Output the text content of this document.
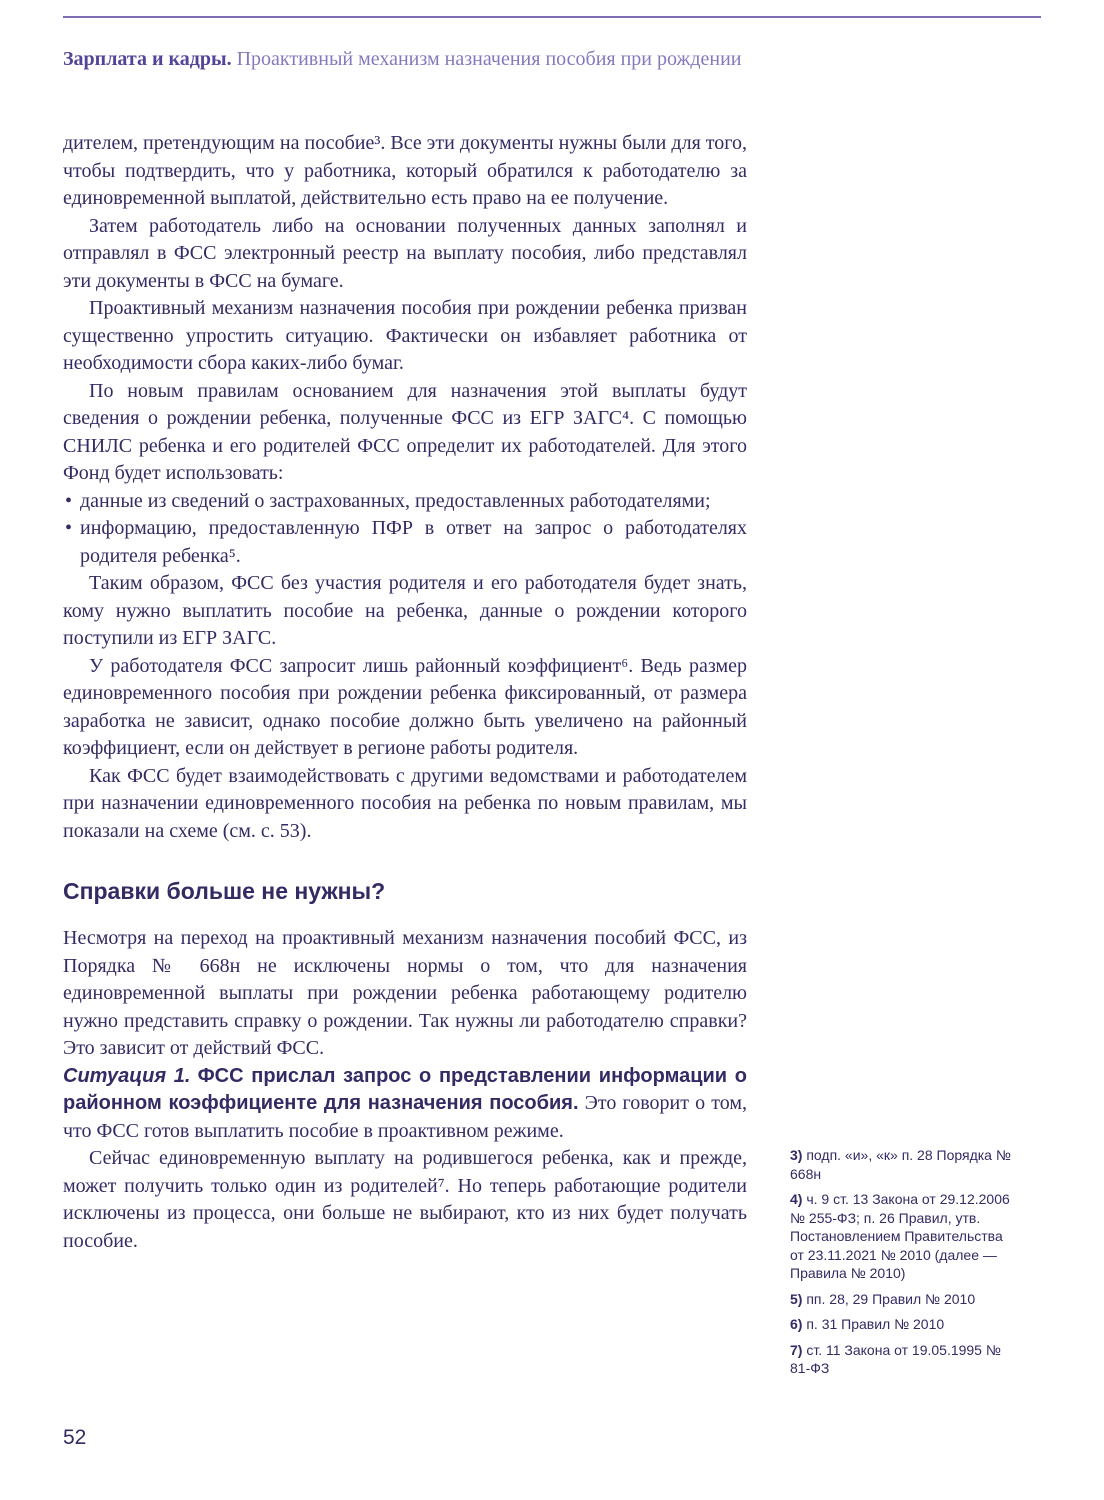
Зарплата и кадры. Проактивный механизм назначения пособия при рождении

дителем, претендующим на пособие³. Все эти документы нужны были для того, чтобы подтвердить, что у работника, который обратился к работодателю за единовременной выплатой, действительно есть право на ее получение.

Затем работодатель либо на основании полученных данных заполнял и отправлял в ФСС электронный реестр на выплату пособия, либо представлял эти документы в ФСС на бумаге.

Проактивный механизм назначения пособия при рождении ребенка призван существенно упростить ситуацию. Фактически он избавляет работника от необходимости сбора каких-либо бумаг.

По новым правилам основанием для назначения этой выплаты будут сведения о рождении ребенка, полученные ФСС из ЕГР ЗАГС⁴. С помощью СНИЛС ребенка и его родителей ФСС определит их работодателей. Для этого Фонд будет использовать:

• данные из сведений о застрахованных, предоставленных работодателями;
• информацию, предоставленную ПФР в ответ на запрос о работодателях родителя ребенка⁵.

Таким образом, ФСС без участия родителя и его работодателя будет знать, кому нужно выплатить пособие на ребенка, данные о рождении которого поступили из ЕГР ЗАГС.

У работодателя ФСС запросит лишь районный коэффициент⁶. Ведь размер единовременного пособия при рождении ребенка фиксированный, от размера заработка не зависит, однако пособие должно быть увеличено на районный коэффициент, если он действует в регионе работы родителя.

Как ФСС будет взаимодействовать с другими ведомствами и работодателем при назначении единовременного пособия на ребенка по новым правилам, мы показали на схеме (см. с. 53).

Справки больше не нужны?

Несмотря на переход на проактивный механизм назначения пособий ФСС, из Порядка № 668н не исключены нормы о том, что для назначения единовременной выплаты при рождении ребенка работающему родителю нужно представить справку о рождении. Так нужны ли работодателю справки? Это зависит от действий ФСС.

Ситуация 1. ФСС прислал запрос о представлении информации о районном коэффициенте для назначения пособия. Это говорит о том, что ФСС готов выплатить пособие в проактивном режиме.

Сейчас единовременную выплату на родившегося ребенка, как и прежде, может получить только один из родителей⁷. Но теперь работающие родители исключены из процесса, они больше не выбирают, кто из них будет получать пособие.

3) подп. «и», «к» п. 28 Порядка № 668н
4) ч. 9 ст. 13 Закона от 29.12.2006 № 255-ФЗ; п. 26 Правил, утв. Постановлением Правительства от 23.11.2021 № 2010 (далее — Правила № 2010)
5) пп. 28, 29 Правил № 2010
6) п. 31 Правил № 2010
7) ст. 11 Закона от 19.05.1995 № 81-ФЗ
52
